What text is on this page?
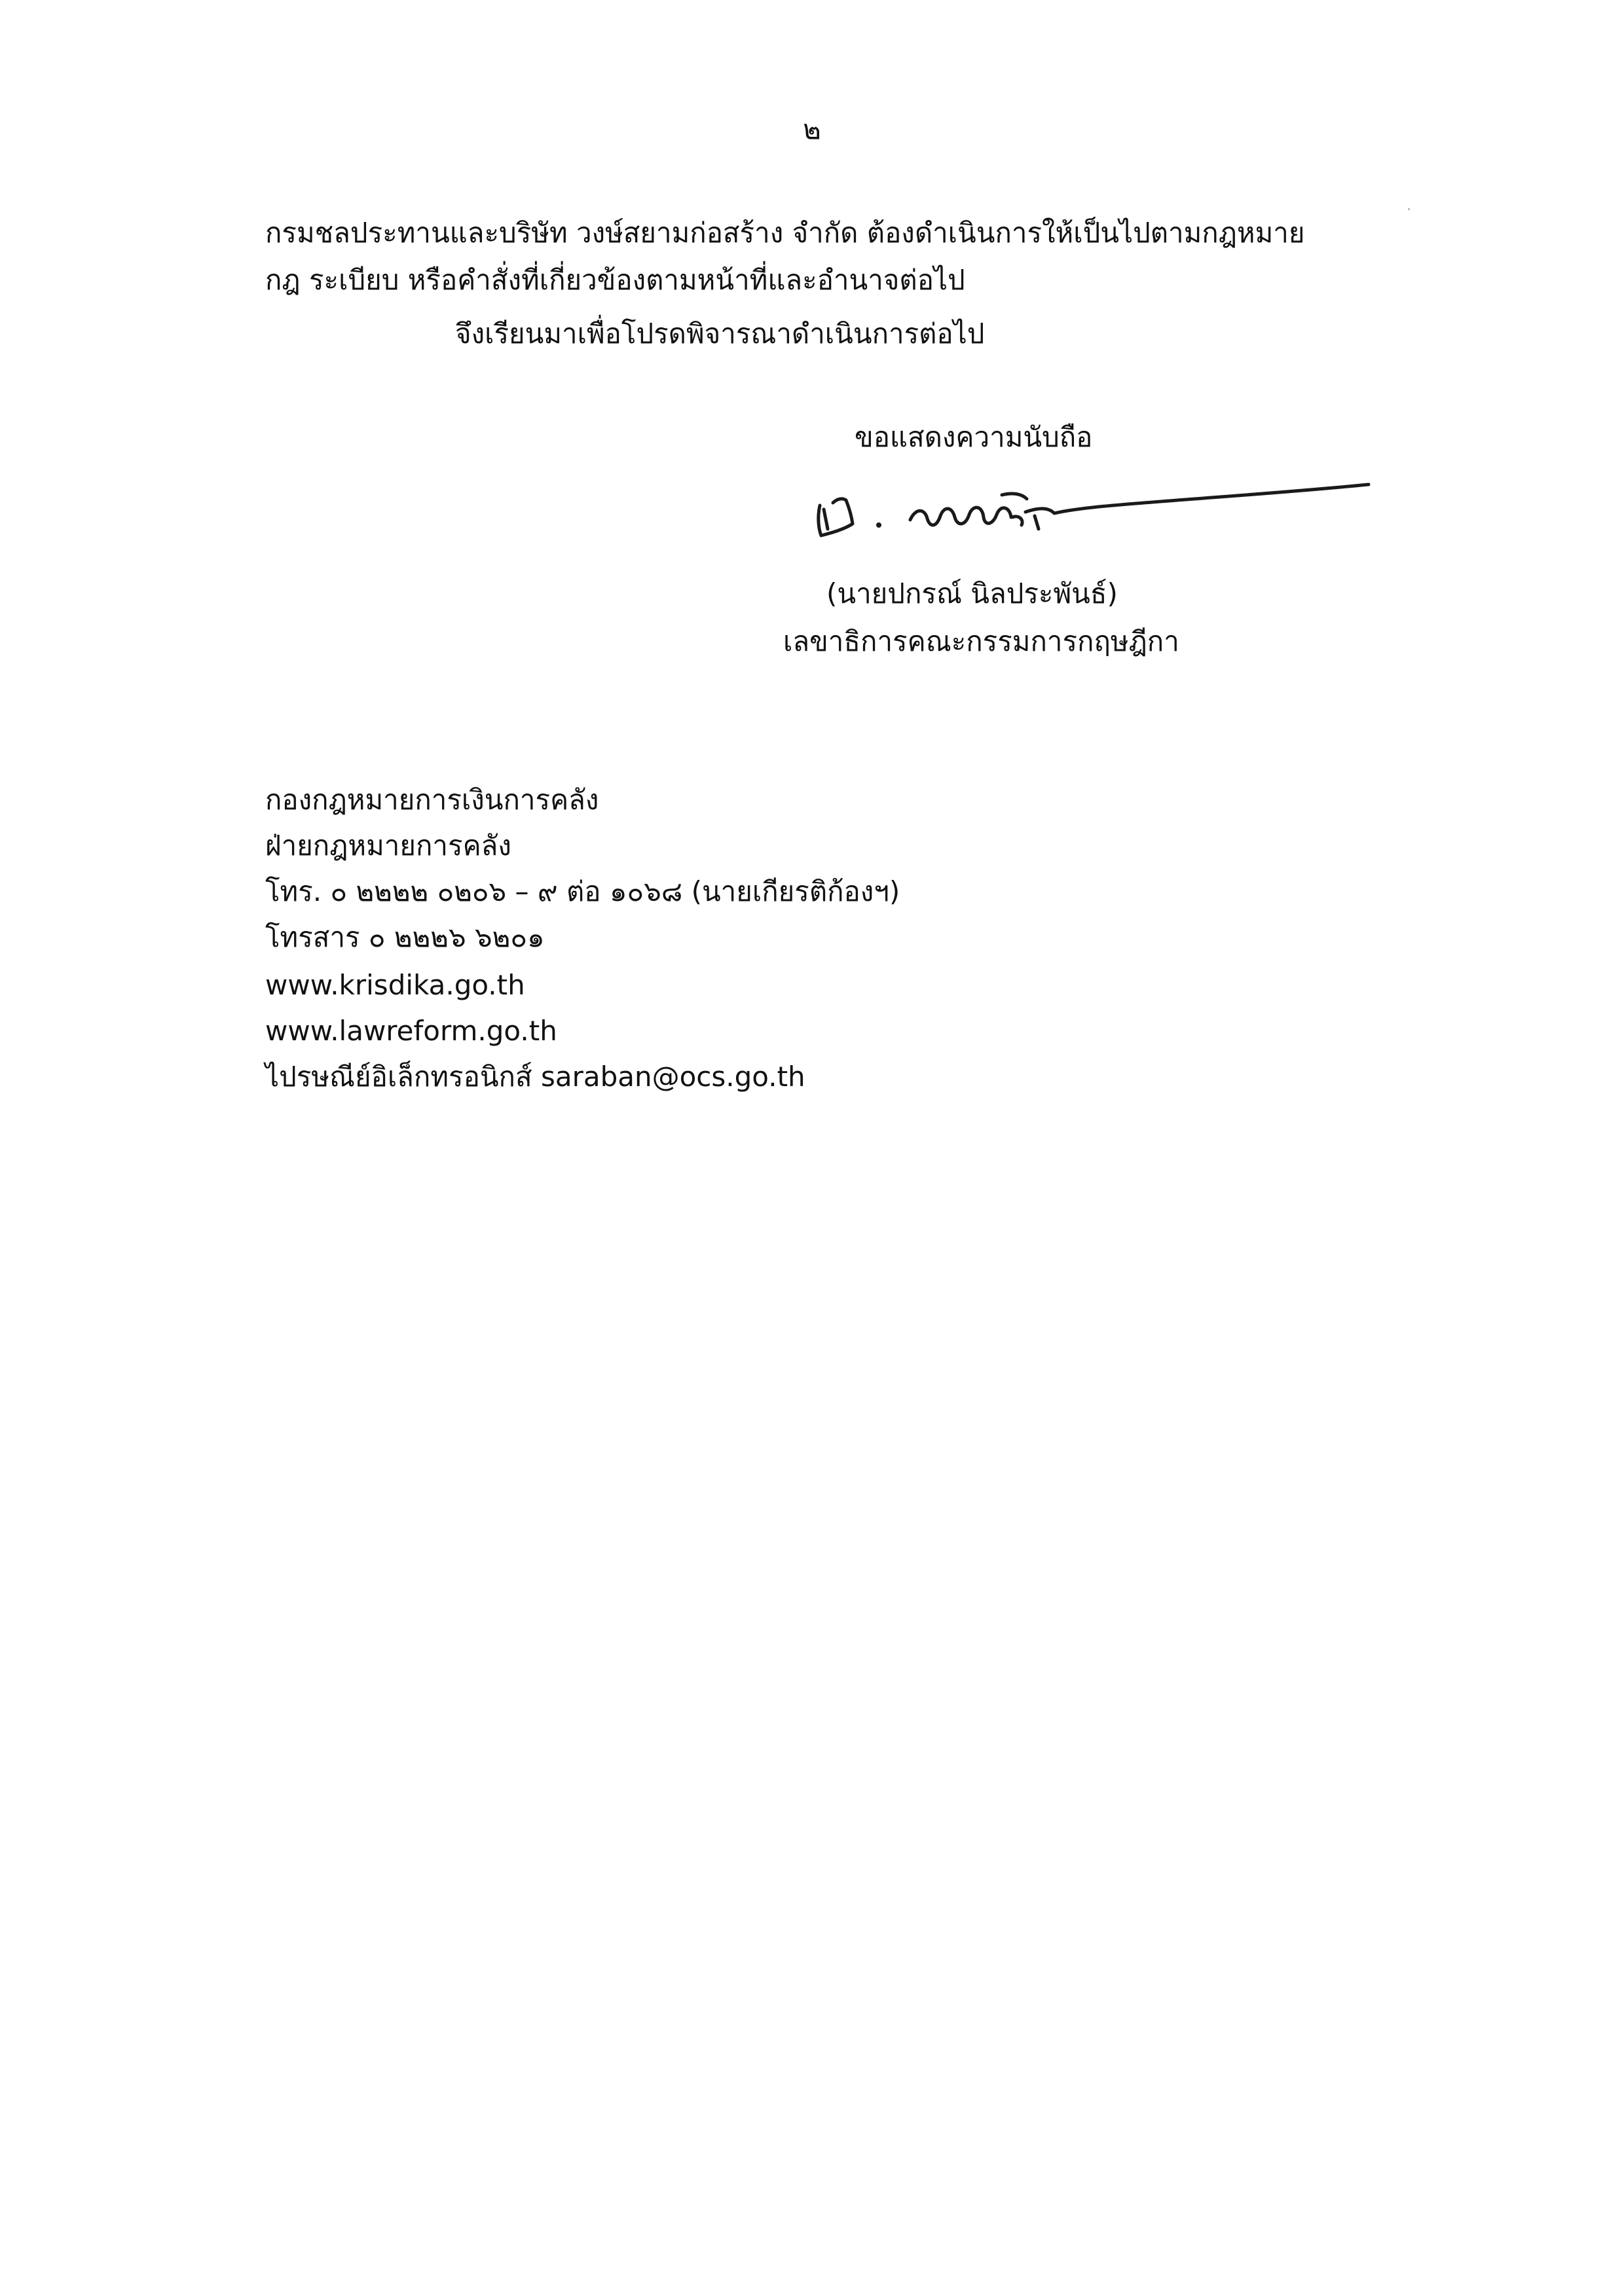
๒
กรมชลประทานและบริษัท วงษ์สยามก่อสร้าง จำกัด ต้องดำเนินการให้เป็นไปตามกฎหมาย
กฎ ระเบียบ หรือคำสั่งที่เกี่ยวข้องตามหน้าที่และอำนาจต่อไป
จึงเรียนมาเพื่อโปรดพิจารณาดำเนินการต่อไป
ขอแสดงความนับถือ
(นายปกรณ์ นิลประพันธ์)
เลขาธิการคณะกรรมการกฤษฎีกา
กองกฎหมายการเงินการคลัง
ฝ่ายกฎหมายการคลัง
โทร. ๐ ๒๒๒๒ ๐๒๐๖ – ๙ ต่อ ๑๐๖๘ (นายเกียรติก้องฯ)
โทรสาร ๐ ๒๒๒๖ ๖๒๐๑
www.krisdika.go.th
www.lawreform.go.th
ไปรษณีย์อิเล็กทรอนิกส์ saraban@ocs.go.th
